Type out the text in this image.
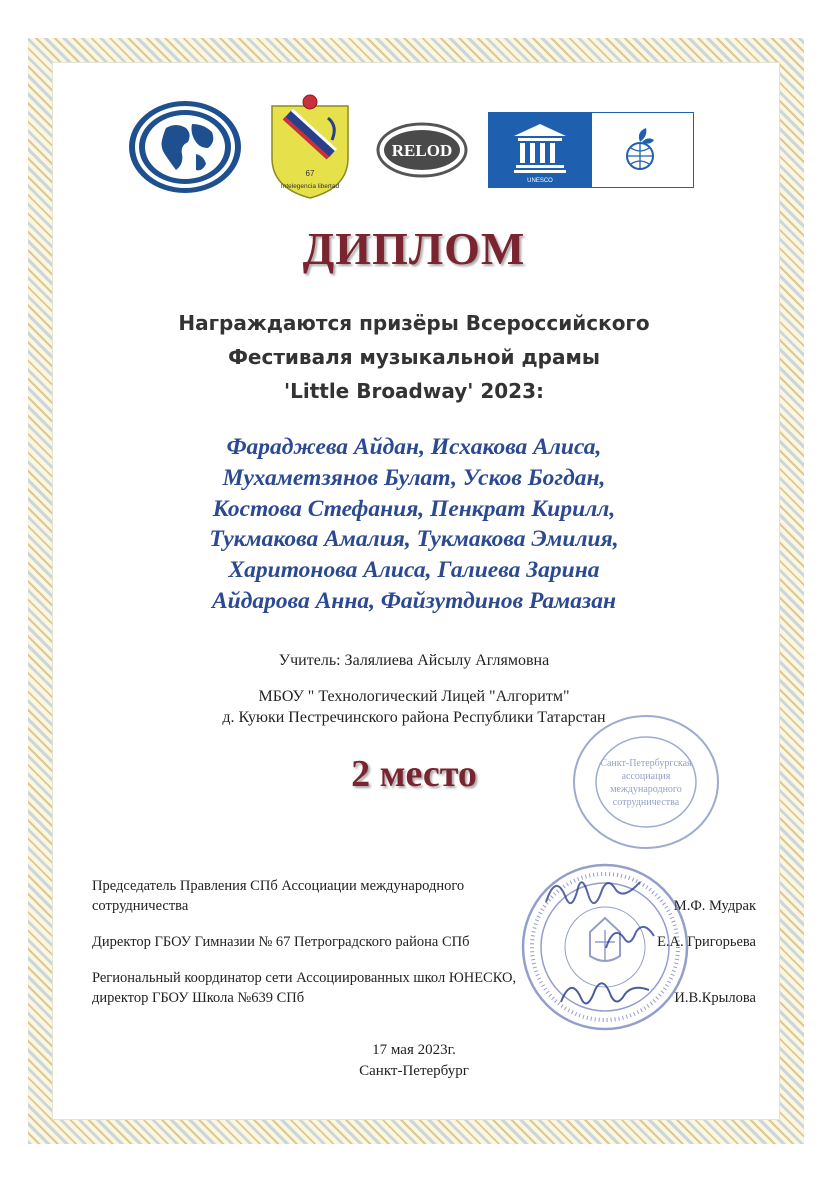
67
Intelegencia libertad
RELOD
UNESCO
ДИПЛОМ
Награждаются призёры Всероссийского
Фестиваля музыкальной драмы
'Little Broadway' 2023:
Фараджева Айдан, Исхакова Алиса,
Мухаметзянов Булат, Усков Богдан,
Костова Стефания, Пенкрат Кирилл,
Тукмакова Амалия, Тукмакова Эмилия,
Харитонова Алиса, Галиева Зарина
Айдарова Анна, Файзутдинов Рамазан
Учитель: Залялиева Айсылу Аглямовна
МБОУ " Технологический Лицей "Алгоритм"
д. Куюки Пестречинского района Республики Татарстан
Санкт-Петербургская
ассоциация
международного
сотрудничества
2 место
Председатель Правления СПб Ассоциации международного
сотрудничества	М.Ф. Мудрак
Директор ГБОУ Гимназии № 67 Петроградского района СПб	Е.А. Григорьева
Региональный координатор сети Ассоциированных школ ЮНЕСКО,
директор ГБОУ Школа №639 СПб	И.В.Крылова
17 мая 2023г.
Санкт-Петербург
